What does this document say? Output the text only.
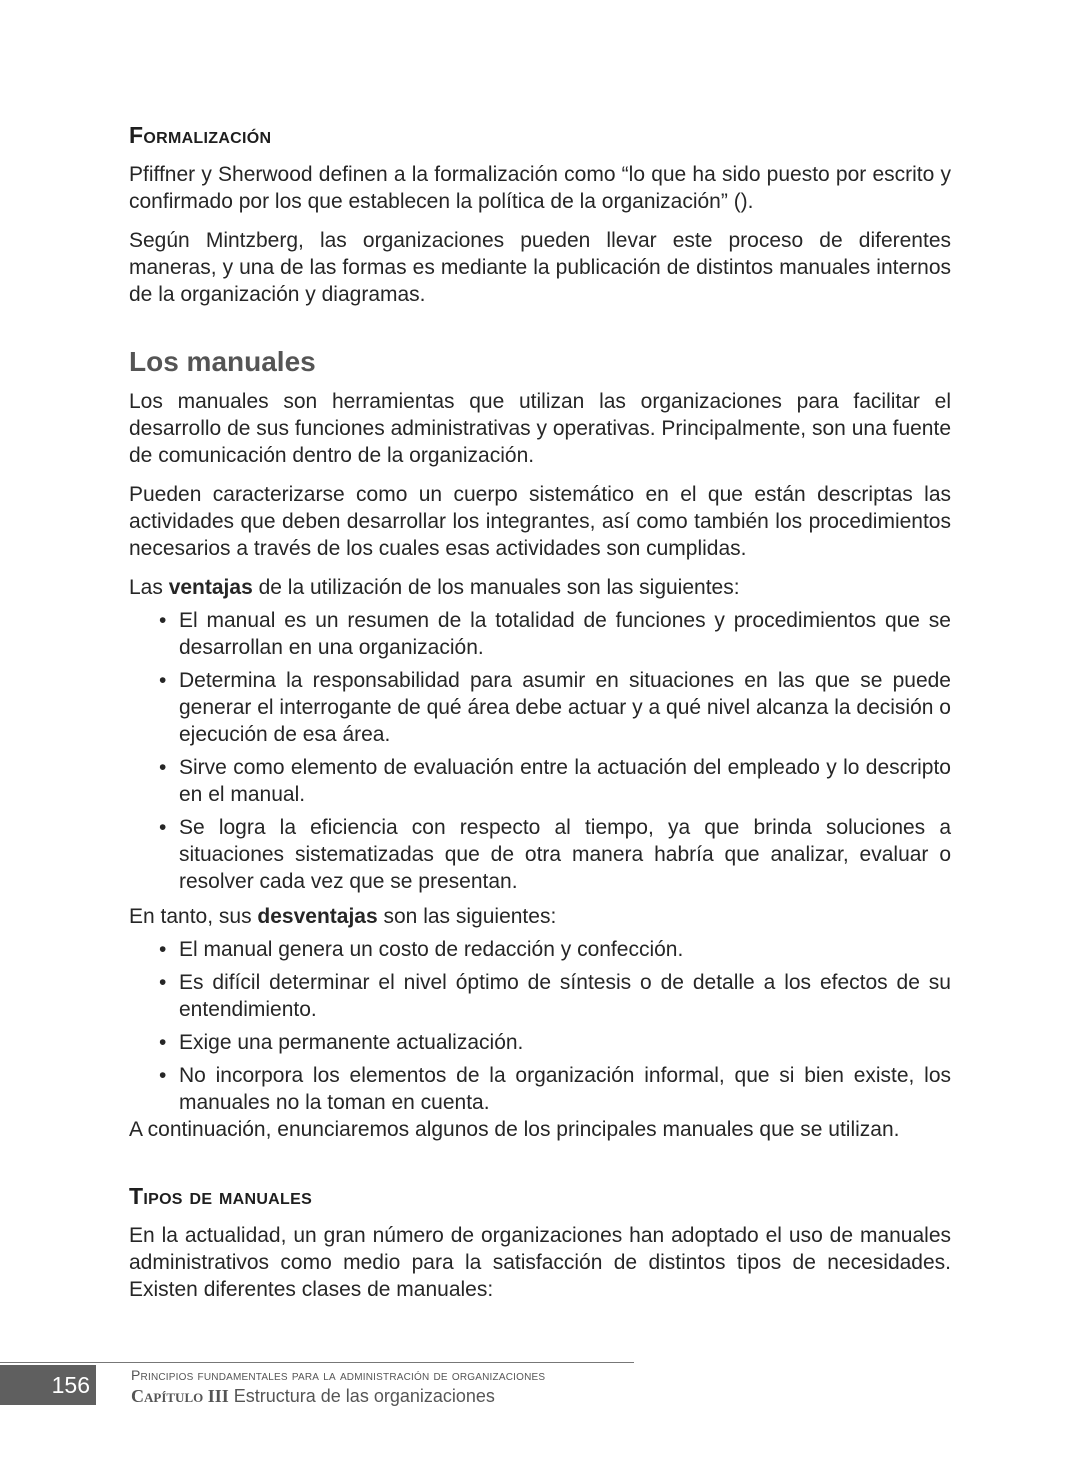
Formalización

Pfiffner y Sherwood definen a la formalización como “lo que ha sido puesto por escrito y confirmado por los que establecen la política de la organización” ().

Según Mintzberg, las organizaciones pueden llevar este proceso de diferentes maneras, y una de las formas es mediante la publicación de distintos manuales internos de la organización y diagramas.

Los manuales

Los manuales son herramientas que utilizan las organizaciones para facilitar el desarrollo de sus funciones administrativas y operativas. Principalmente, son una fuente de comunicación dentro de la organización.

Pueden caracterizarse como un cuerpo sistemático en el que están descriptas las actividades que deben desarrollar los integrantes, así como también los procedimientos necesarios a través de los cuales esas actividades son cumplidas.

Las ventajas de la utilización de los manuales son las siguientes:

• El manual es un resumen de la totalidad de funciones y procedimientos que se desarrollan en una organización.
• Determina la responsabilidad para asumir en situaciones en las que se puede generar el interrogante de qué área debe actuar y a qué nivel alcanza la decisión o ejecución de esa área.
• Sirve como elemento de evaluación entre la actuación del empleado y lo descripto en el manual.
• Se logra la eficiencia con respecto al tiempo, ya que brinda soluciones a situaciones sistematizadas que de otra manera habría que analizar, evaluar o resolver cada vez que se presentan.

En tanto, sus desventajas son las siguientes:

• El manual genera un costo de redacción y confección.
• Es difícil determinar el nivel óptimo de síntesis o de detalle a los efectos de su entendimiento.
• Exige una permanente actualización.
• No incorpora los elementos de la organización informal, que si bien existe, los manuales no la toman en cuenta.

A continuación, enunciaremos algunos de los principales manuales que se utilizan.

Tipos de manuales

En la actualidad, un gran número de organizaciones han adoptado el uso de manuales administrativos como medio para la satisfacción de distintos tipos de necesidades. Existen diferentes clases de manuales:

156	Principios fundamentales para la administración de organizaciones
Capítulo III Estructura de las organizaciones
